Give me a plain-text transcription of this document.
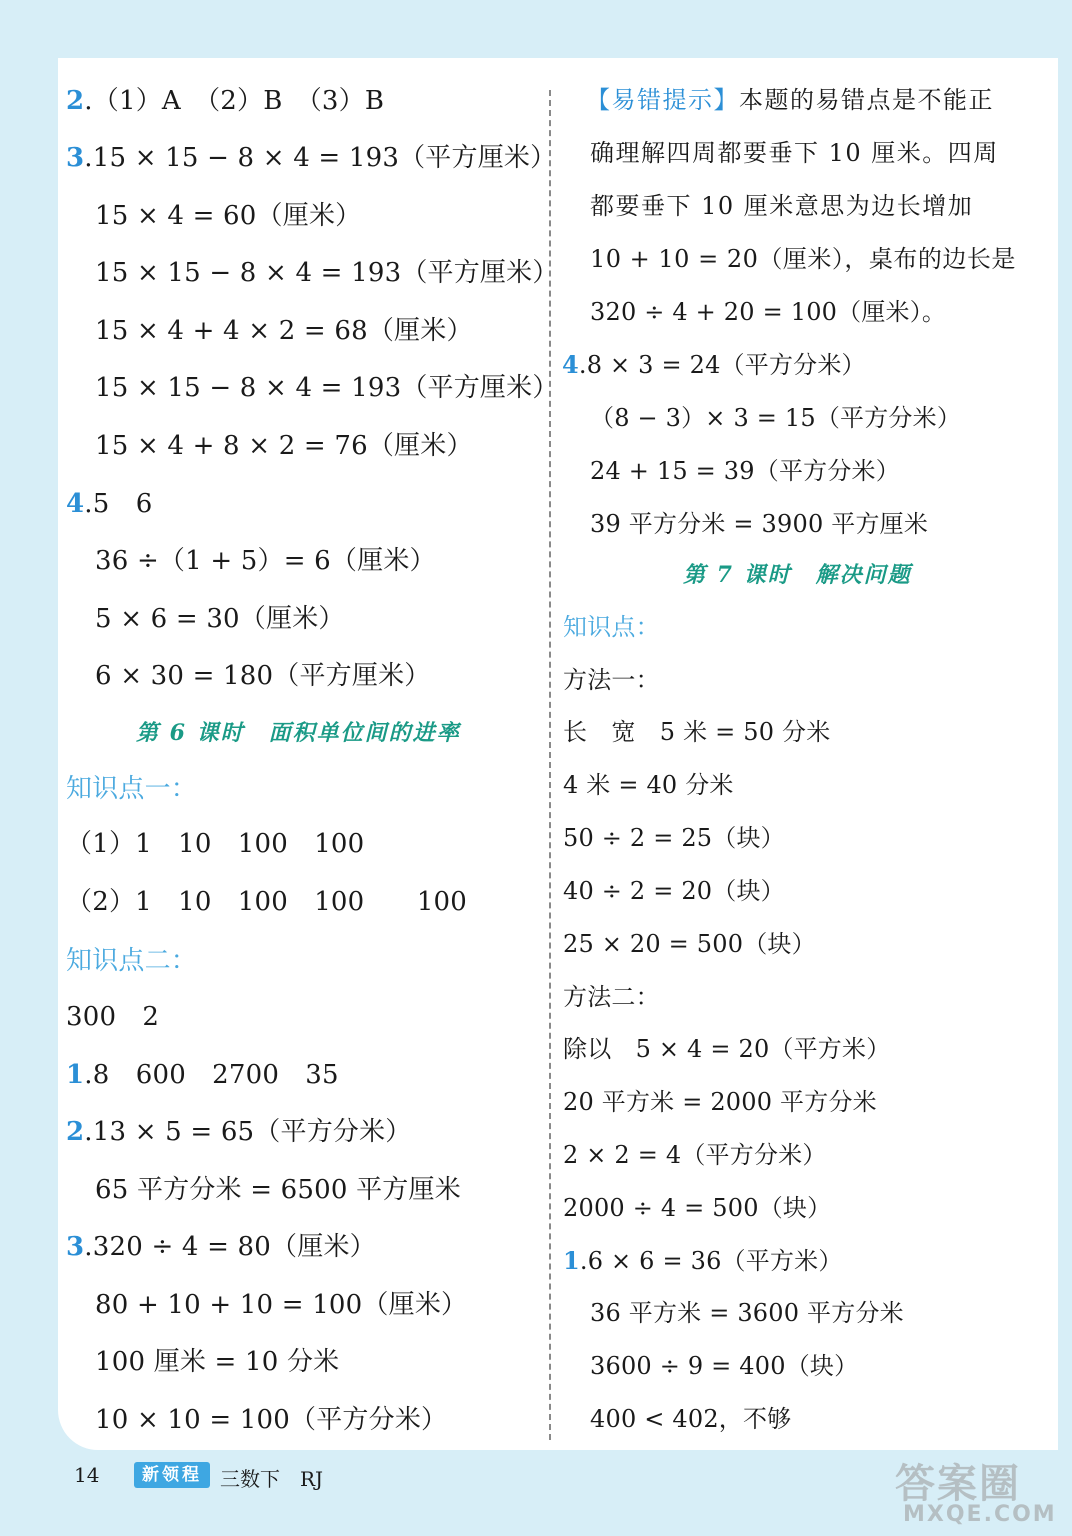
2.（1）A　（2）B　（3）B
3.15 × 15 − 8 × 4 = 193（平方厘米）
15 × 4 = 60（厘米）
15 × 15 − 8 × 4 = 193（平方厘米）
15 × 4 + 4 × 2 = 68（厘米）
15 × 15 − 8 × 4 = 193（平方厘米）
15 × 4 + 8 × 2 = 76（厘米）
4.5　6
36 ÷（1 + 5）= 6（厘米）
5 × 6 = 30（厘米）
6 × 30 = 180（平方厘米）
第 6 课时　面积单位间的进率
知识点一：
（1）1　10　100　100
（2）1　10　100　100　　100
知识点二：
300　2
1.8　600　2700　35
2.13 × 5 = 65（平方分米）
65 平方分米 = 6500 平方厘米
3.320 ÷ 4 = 80（厘米）
80 + 10 + 10 = 100（厘米）
100 厘米 = 10 分米
10 × 10 = 100（平方分米）
【易错提示】本题的易错点是不能正
确理解四周都要垂下 10 厘米。四周
都要垂下 10 厘米意思为边长增加
10 + 10 = 20（厘米），桌布的边长是
320 ÷ 4 + 20 = 100（厘米）。
4.8 × 3 = 24（平方分米）
（8 − 3）× 3 = 15（平方分米）
24 + 15 = 39（平方分米）
39 平方分米 = 3900 平方厘米
第 7 课时　解决问题
知识点：
方法一：
长　宽　5 米 = 50 分米
4 米 = 40 分米
50 ÷ 2 = 25（块）
40 ÷ 2 = 20（块）
25 × 20 = 500（块）
方法二：
除以　5 × 4 = 20（平方米）
20 平方米 = 2000 平方分米
2 × 2 = 4（平方分米）
2000 ÷ 4 = 500（块）
1.6 × 6 = 36（平方米）
36 平方米 = 3600 平方分米
3600 ÷ 9 = 400（块）
400 < 402，不够
14	新领程 三数下　RJ	答案圈
MXQE.COM
